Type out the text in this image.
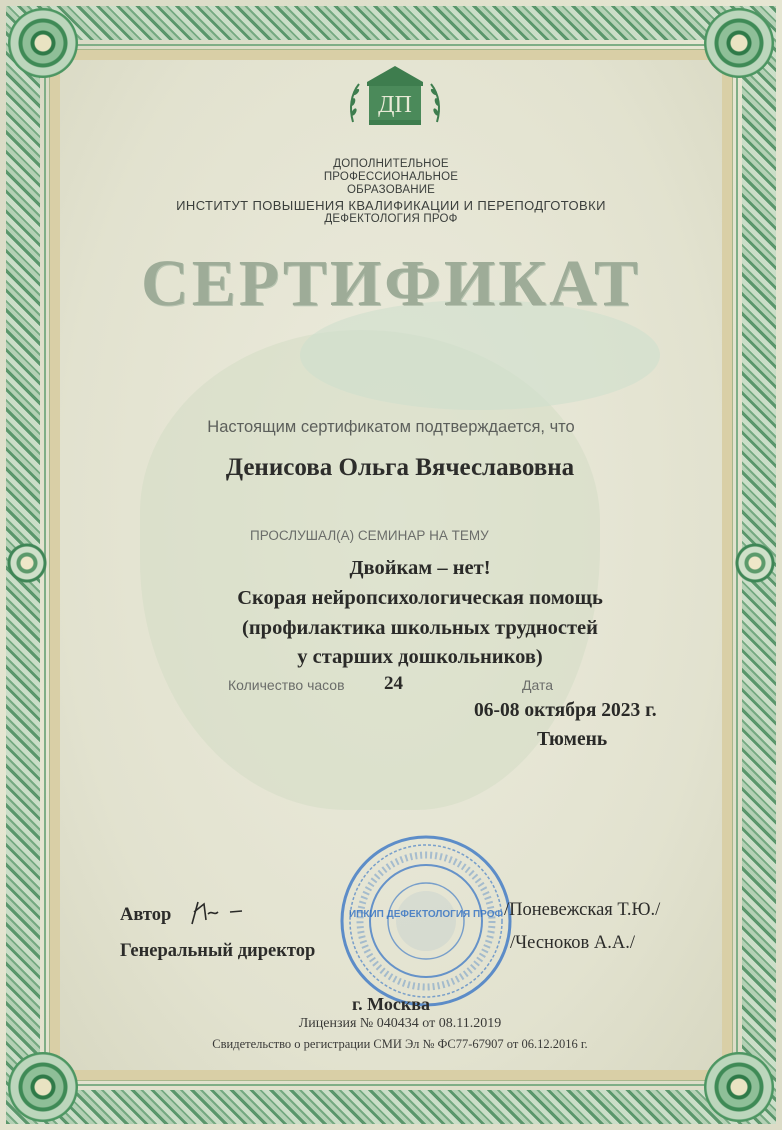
ДП
ДОПОЛНИТЕЛЬНОЕ
ПРОФЕССИОНАЛЬНОЕ
ОБРАЗОВАНИЕ
ИНСТИТУТ ПОВЫШЕНИЯ КВАЛИФИКАЦИИ И ПЕРЕПОДГОТОВКИ
ДЕФЕКТОЛОГИЯ ПРОФ
СЕРТИФИКАТ
Настоящим сертификатом подтверждается, что
Денисова Ольга Вячеславовна
ПРОСЛУШАЛ(А) СЕМИНАР НА ТЕМУ
Двойкам – нет!
Скорая нейропсихологическая помощь
(профилактика школьных трудностей
у старших дошкольников)
Количество часов 24	Дата
06-08 октября 2023 г.
Тюмень
ИПКИП ДЕФЕКТОЛОГИЯ ПРОФ
Автор	/Поневежская Т.Ю./
Генеральный директор	/Чесноков А.А./
г. Москва
Лицензия № 040434 от 08.11.2019
Свидетельство о регистрации СМИ Эл № ФС77-67907 от 06.12.2016 г.
